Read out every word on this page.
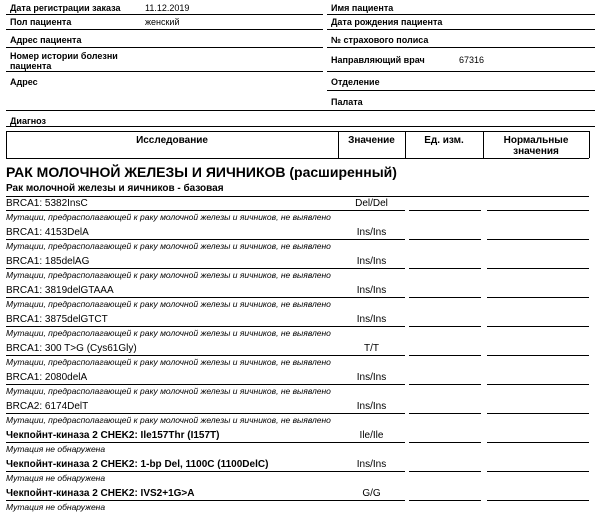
Дата регистрации заказа	11.12.2019	Имя пациента
Пол пациента	женский	Дата рождения пациента
Адрес пациента	№ страхового полиса
Номер истории болезни пациента
Направляющий врач	67316
Адрес	Отделение
Палата
Диагноз
Исследование	Значение	Ед. изм.	Нормальные значения
РАК МОЛОЧНОЙ ЖЕЛЕЗЫ И ЯИЧНИКОВ (расширенный)
Рак молочной железы и яичников - базовая
BRCA1: 5382InsC	Del/Del
Мутации, предрасполагающей к раку молочной железы и яичников, не выявлено
BRCA1: 4153DelA	Ins/Ins
Мутации, предрасполагающей к раку молочной железы и яичников, не выявлено
BRCA1: 185delAG	Ins/Ins
Мутации, предрасполагающей к раку молочной железы и яичников, не выявлено
BRCA1: 3819delGTAAA	Ins/Ins
Мутации, предрасполагающей к раку молочной железы и яичников, не выявлено
BRCA1: 3875delGTCT	Ins/Ins
Мутации, предрасполагающей к раку молочной железы и яичников, не выявлено
BRCA1: 300 T>G (Cys61Gly)	T/T
Мутации, предрасполагающей к раку молочной железы и яичников, не выявлено
BRCA1: 2080delA	Ins/Ins
Мутации, предрасполагающей к раку молочной железы и яичников, не выявлено
BRCA2: 6174DelT	Ins/Ins
Мутации, предрасполагающей к раку молочной железы и яичников, не выявлено
Чекпойнт-киназа 2 CHEK2: Ile157Thr (I157T)	Ile/Ile
Мутация не обнаружена
Чекпойнт-киназа 2 CHEK2: 1-bp Del, 1100C (1100DelC)	Ins/Ins
Мутация не обнаружена
Чекпойнт-киназа 2 CHEK2: IVS2+1G>A	G/G
Мутация не обнаружена
